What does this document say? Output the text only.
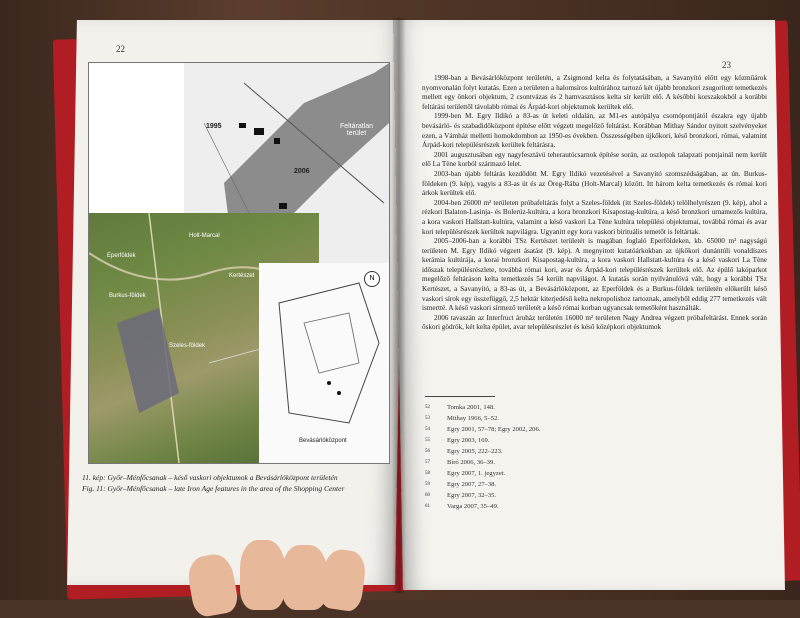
22
23
Feltáratlan terület
1995
2006
Eperföldek
Holt-Marcal
Kertészet
Burkus-földek
Szeles-földek
Bevásárlóközpont
N
11. kép: Győr–Ménfőcsanak – késő vaskori objektumok a Bevásárlóközpont területén
Fig. 11: Győr–Ménfőcsanak – late Iron Age features in the area of the Shopping Center

1998-ban a Bevásárlóközpont területén, a Zsigmond kelta és folytatásában, a Savanyító előtt egy közműárok nyomvonalán folyt kutatás. Ezen a területen a halomsíros kultúrához tartozó két újabb bronzkori zsugorított temetkezés mellett egy önkori objektum, 2 csontvázas és 2 hamvasztásos kelta sír került elő. A későbbi korszakokból a korábbi feltárási területtől távolabb római és Árpád-kori objektumok kerültek elő.

1999-ben M. Egry Ildikó a 83-as út keleti oldalán, az M1-es autópálya csomópontjától északra egy újabb bevásárló- és szabadidőközpont építése előtt végzett megelőző feltárást. Korábban Mithay Sándor nyitott szelvényeket ezen, a Vámház melletti homokdombon az 1950-es években. Összességében újkőkori, késő bronzkori, római, valamint Árpád-kori településrészek kerültek feltárásra.

2001 augusztusában egy nagyfesztávú teherautócsarnok építése során, az oszlopok talapzati pontjainál nem került elő La Tène korból származó lelet.

2003-ban újabb feltárás kezdődött M. Egry Ildikó vezetésével a Savanyító szomszédságában, az ún. Burkus-földeken (9. kép), vagyis a 83-as út és az Öreg-Rába (Holt-Marcal) között. Itt három kelta temetkezés és római kori árkok kerültek elő.

2004-ben 26000 m² területen próbafeltárás folyt a Szeles-földek (itt Szeles-földek) telölhelyrészen (9. kép), ahol a rézkori Balaton-Lasinja- és Bolerúz-kultúra, a kora bronzkori Kisapostag-kultúra, a késő bronzkori urnamezős kultúra, a kora vaskori Hallstatt-kultúra, valamint a késő vaskori La Tène kultúra települési objektumai, továbbá római és avar kori településrészek kerültek napvilágra. Ugyanitt egy kora vaskori birituális temetőt is feltártak.

2005–2006-ban a korábbi TSz Kertészet területét is magában foglaló Eperföldeken, kb. 65000 m² nagyságú területen M. Egry Ildikó végzett ásatást (9. kép). A megnyitott kutatóárkokban az újkőkori dunántúli vonaldíszes kerámia kultúrája, a korai bronzkori Kisapostag-kultúra, a kora vaskori Hallstatt-kultúra és a késő vaskori La Tène időszak településrészlete, továbbá római kori, avar és Árpád-kori településrészek kerültek elő. Az épülő lakóparkot megelőző feltáráson kelta temetkezés 54 került napvilágot. A kutatás során nyilvánulóvá vált, hogy a korábbi TSz Kertészet, a Savanyító, a 83-as út, a Bevásárlóközpont, az Eperföldek és a Burkus-földek területén előkerült késő vaskori sírok egy összefüggő, 2,5 hektár kiterjedésű kelta nekropolishoz tartoznak, amelyből eddig 277 temetkezés vált ismertté. A késő vaskori sírmező területét a késő római korban ugyancsak temetőként használták.

2006 tavaszán az Interfruct áruház területén 16000 m² területen Nagy Andrea végzett próbafeltárást. Ennek során őskori gödrök, két kelta épület, avar településrészlet és késő középkori objektumok

52	Tomka 2001, 148.
53	Mithay 1966, 5–52.
54	Egry 2001, 57–78; Egry 2002, 206.
55	Egry 2003, 169.
56	Egry 2005, 222–223.
57	Bíró 2006, 36–39.
58	Egry 2007, 1. jegyzet.
59	Egry 2007, 27–38.
60	Egry 2007, 32–35.
61	Varga 2007, 35–49.
